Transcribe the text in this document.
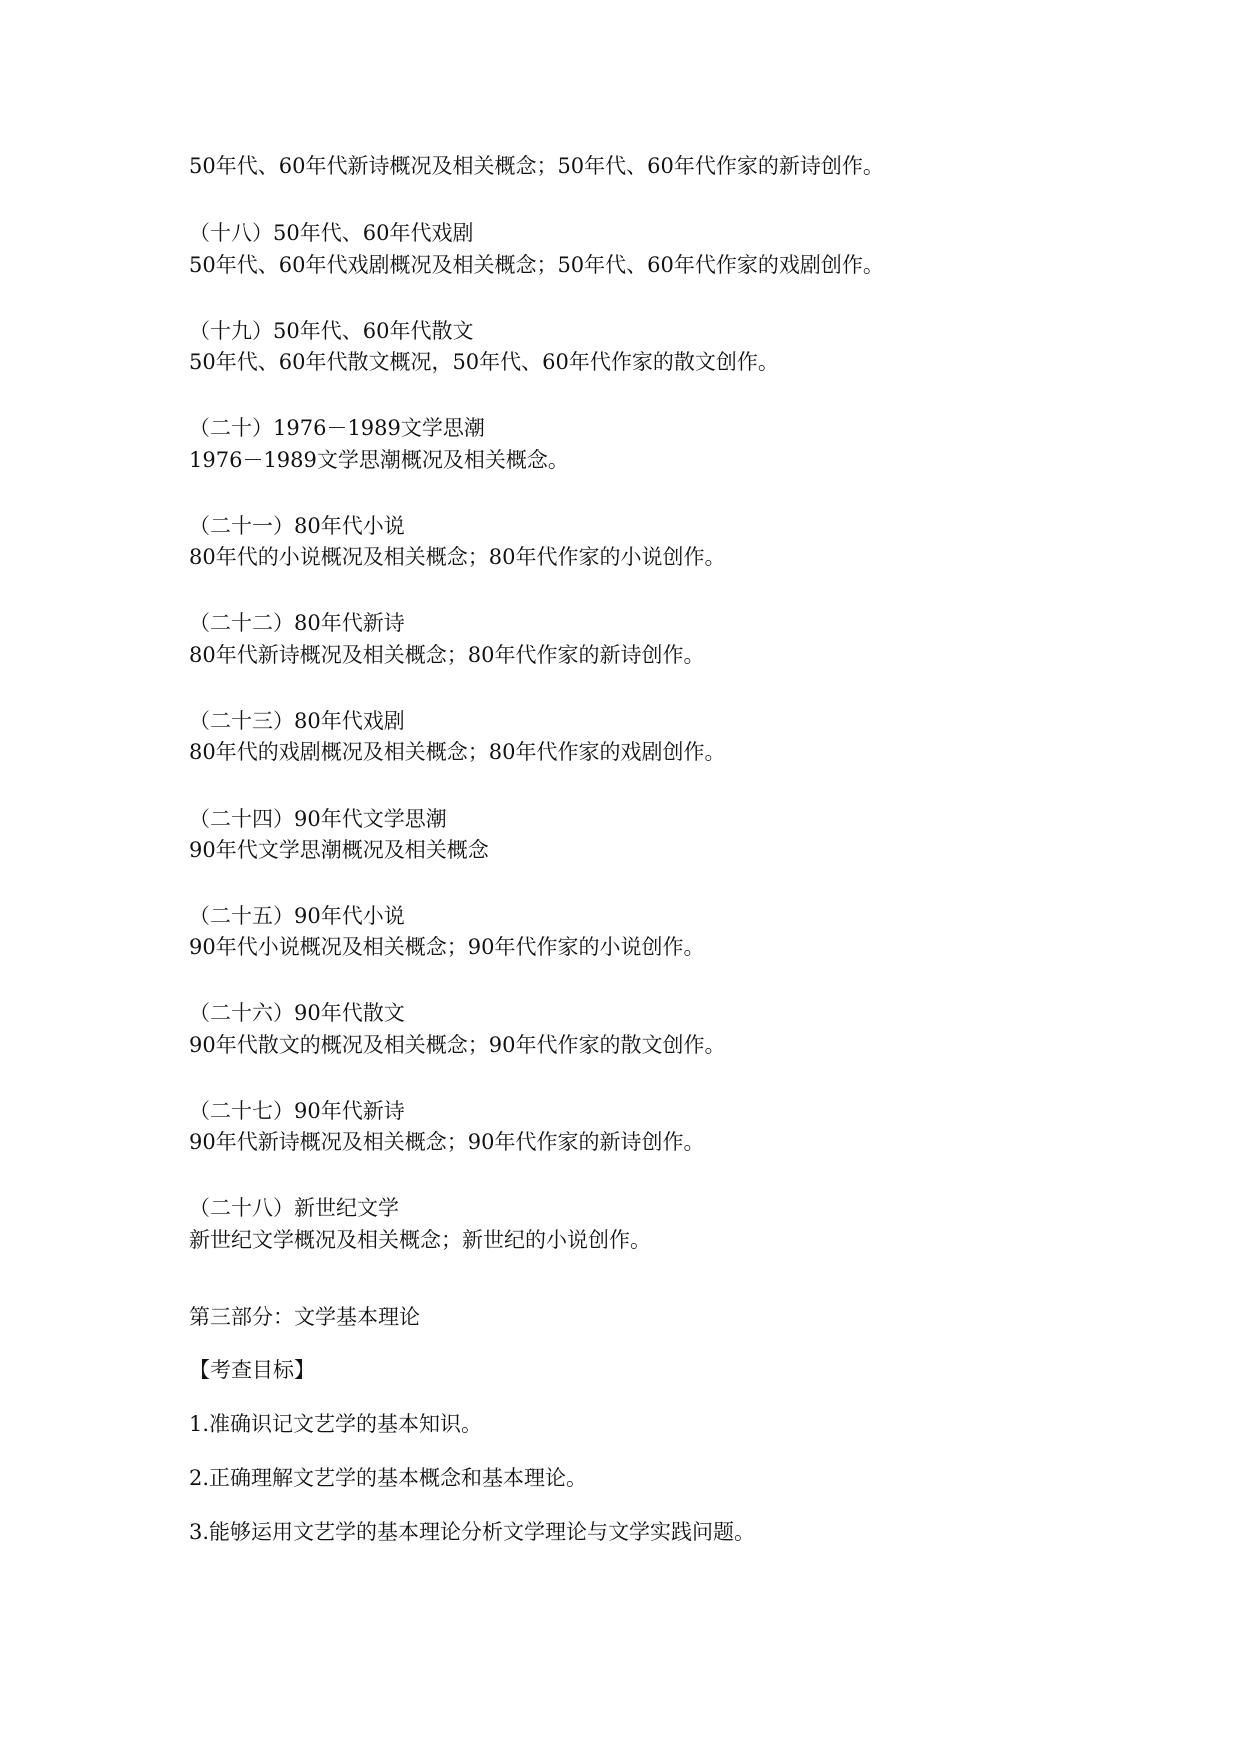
50年代、60年代新诗概况及相关概念；50年代、60年代作家的新诗创作。
（十八）50年代、60年代戏剧
50年代、60年代戏剧概况及相关概念；50年代、60年代作家的戏剧创作。
（十九）50年代、60年代散文
50年代、60年代散文概况，50年代、60年代作家的散文创作。
（二十）1976－1989文学思潮
1976－1989文学思潮概况及相关概念。
（二十一）80年代小说
80年代的小说概况及相关概念；80年代作家的小说创作。
（二十二）80年代新诗
80年代新诗概况及相关概念；80年代作家的新诗创作。
（二十三）80年代戏剧
80年代的戏剧概况及相关概念；80年代作家的戏剧创作。
（二十四）90年代文学思潮
90年代文学思潮概况及相关概念
（二十五）90年代小说
90年代小说概况及相关概念；90年代作家的小说创作。
（二十六）90年代散文
90年代散文的概况及相关概念；90年代作家的散文创作。
（二十七）90年代新诗
90年代新诗概况及相关概念；90年代作家的新诗创作。
（二十八）新世纪文学
新世纪文学概况及相关概念；新世纪的小说创作。
第三部分：文学基本理论
【考查目标】
1.准确识记文艺学的基本知识。
2.正确理解文艺学的基本概念和基本理论。
3.能够运用文艺学的基本理论分析文学理论与文学实践问题。
